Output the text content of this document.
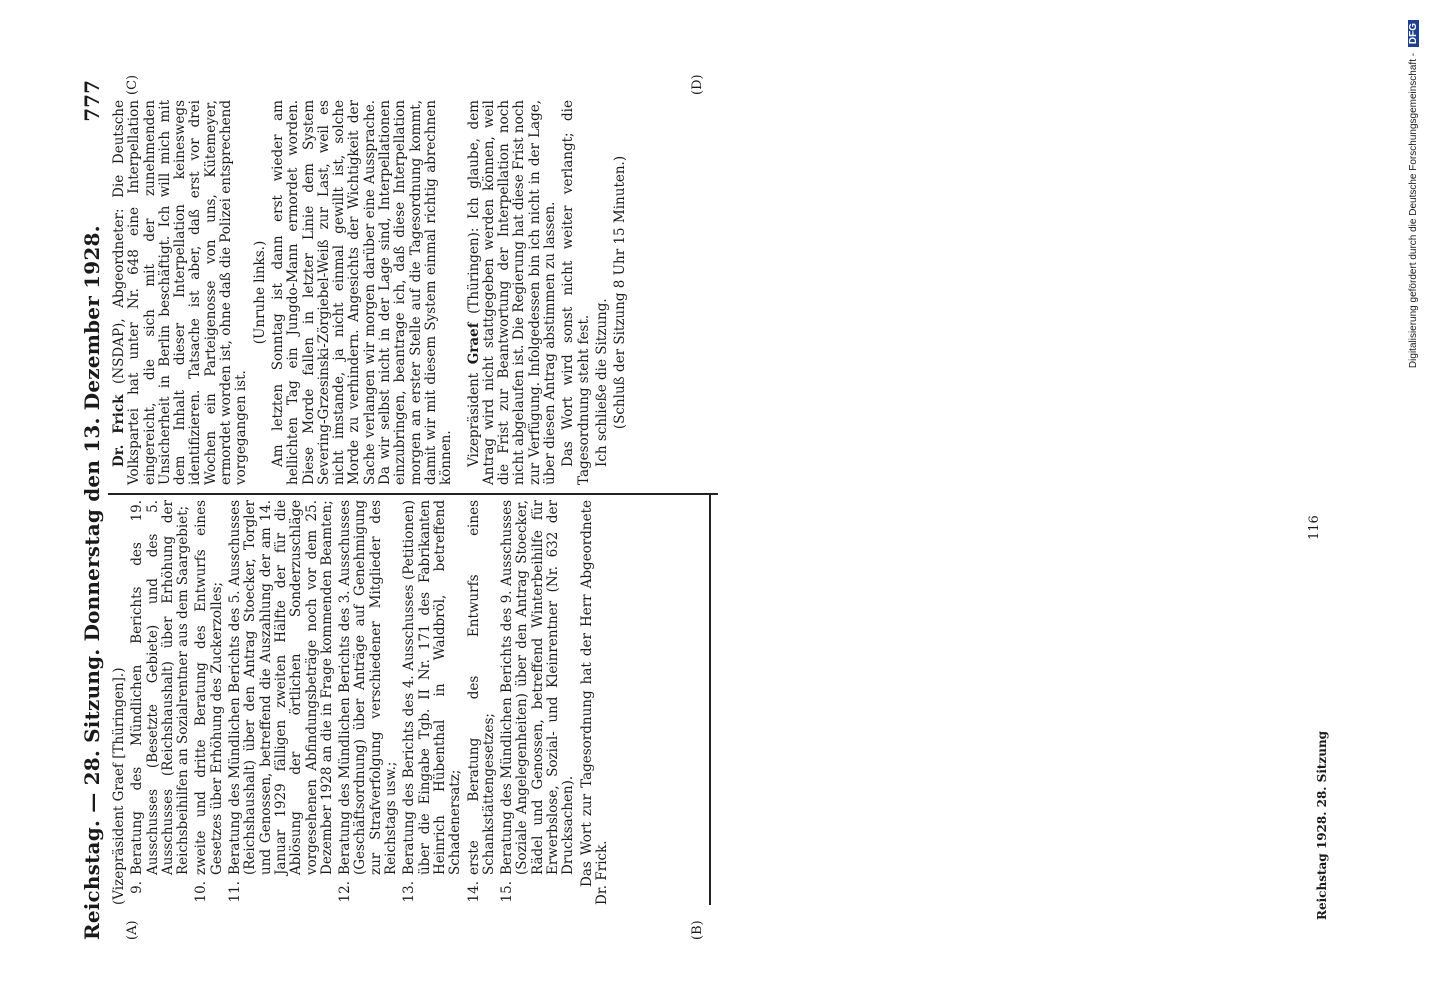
Reichstag. — 28. Sitzung. Donnerstag den 13. Dezember 1928.
777
(A)	(B)
(C)	(D)

(Vizepräsident Graef [Thüringen].) 9.
Beratung des Mündlichen Berichts des 19. Ausschusses (Besetzte Gebiete) und des 5. Ausschusses (Reichshaushalt) über Erhöhung der Reichsbeihilfen an Sozialrentner aus dem Saargebiet;
10.
zweite und dritte Beratung des Entwurfs eines Gesetzes über Erhöhung des Zuckerzolles;
11.
Beratung des Mündlichen Berichts des 5. Ausschusses (Reichshaushalt) über den Antrag Stoecker, Torgler und Genossen, betreffend die Auszahlung der am 14. Januar 1929 fälligen zweiten Hälfte der für die Ablösung der örtlichen Sonderzuschläge vorgesehenen Abfindungsbeträge noch vor dem 25. Dezember 1928 an die in Frage kommenden Beamten;
12.
Beratung des Mündlichen Berichts des 3. Ausschusses (Geschäftsordnung) über Anträge auf Genehmigung zur Strafverfolgung verschiedener Mitglieder des Reichstags usw.;
13.
Beratung des Berichts des 4. Ausschusses (Petitionen) über die Eingabe Tgb. II Nr. 171 des Fabrikanten Heinrich Hübenthal in Waldbröl, betreffend Schadenersatz;
14.
erste Beratung des Entwurfs eines Schankstättengesetzes;
15.
Beratung des Mündlichen Berichts des 9. Ausschusses (Soziale Angelegenheiten) über den Antrag Stoecker, Rädel und Genossen, betreffend Winterbeihilfe für Erwerbslose, Sozial- und Kleinrentner (Nr. 632 der Drucksachen). Das Wort zur Tagesordnung hat der Herr Abgeordnete Dr. Frick.

Dr. Frick (NSDAP), Abgeordneter: Die Deutsche Volkspartei hat unter Nr. 648 eine Interpellation eingereicht, die sich mit der zunehmenden Unsicherheit in Berlin beschäftigt. Ich will mich mit dem Inhalt dieser Interpellation keineswegs identifizieren. Tatsache ist aber, daß erst vor drei Wochen ein Parteigenosse von uns, Kütemeyer, ermordet worden ist, ohne daß die Polizei entsprechend vorgegangen ist.

(Unruhe links.) Am letzten Sonntag ist dann erst wieder am hellichten Tag ein Jungdo-Mann ermordet worden. Diese Morde fallen in letzter Linie dem System Severing-Grzesinski-Zörgiebel-Weiß zur Last, weil es nicht imstande, ja nicht einmal gewillt ist, solche Morde zu verhindern. Angesichts der Wichtigkeit der Sache verlangen wir morgen darüber eine Aussprache. Da wir selbst nicht in der Lage sind, Interpellationen einzubringen, beantrage ich, daß diese Interpellation morgen an erster Stelle auf die Tagesordnung kommt, damit wir mit diesem System einmal richtig abrechnen können. Vizepräsident Graef (Thüringen): Ich glaube, dem Antrag wird nicht stattgegeben werden können, weil die Frist zur Beantwortung der Interpellation noch nicht abgelaufen ist. Die Regierung hat diese Frist noch zur Verfügung. Infolgedessen bin ich nicht in der Lage, über diesen Antrag abstimmen zu lassen. Das Wort wird sonst nicht weiter verlangt; die Tagesordnung steht fest. Ich schließe die Sitzung. (Schluß der Sitzung 8 Uhr 15 Minuten.)

Reichstag 1928. 28. Sitzung
116
Digitalisierung gefördert durch die Deutsche Forschungsgemeinschaft - DFG
